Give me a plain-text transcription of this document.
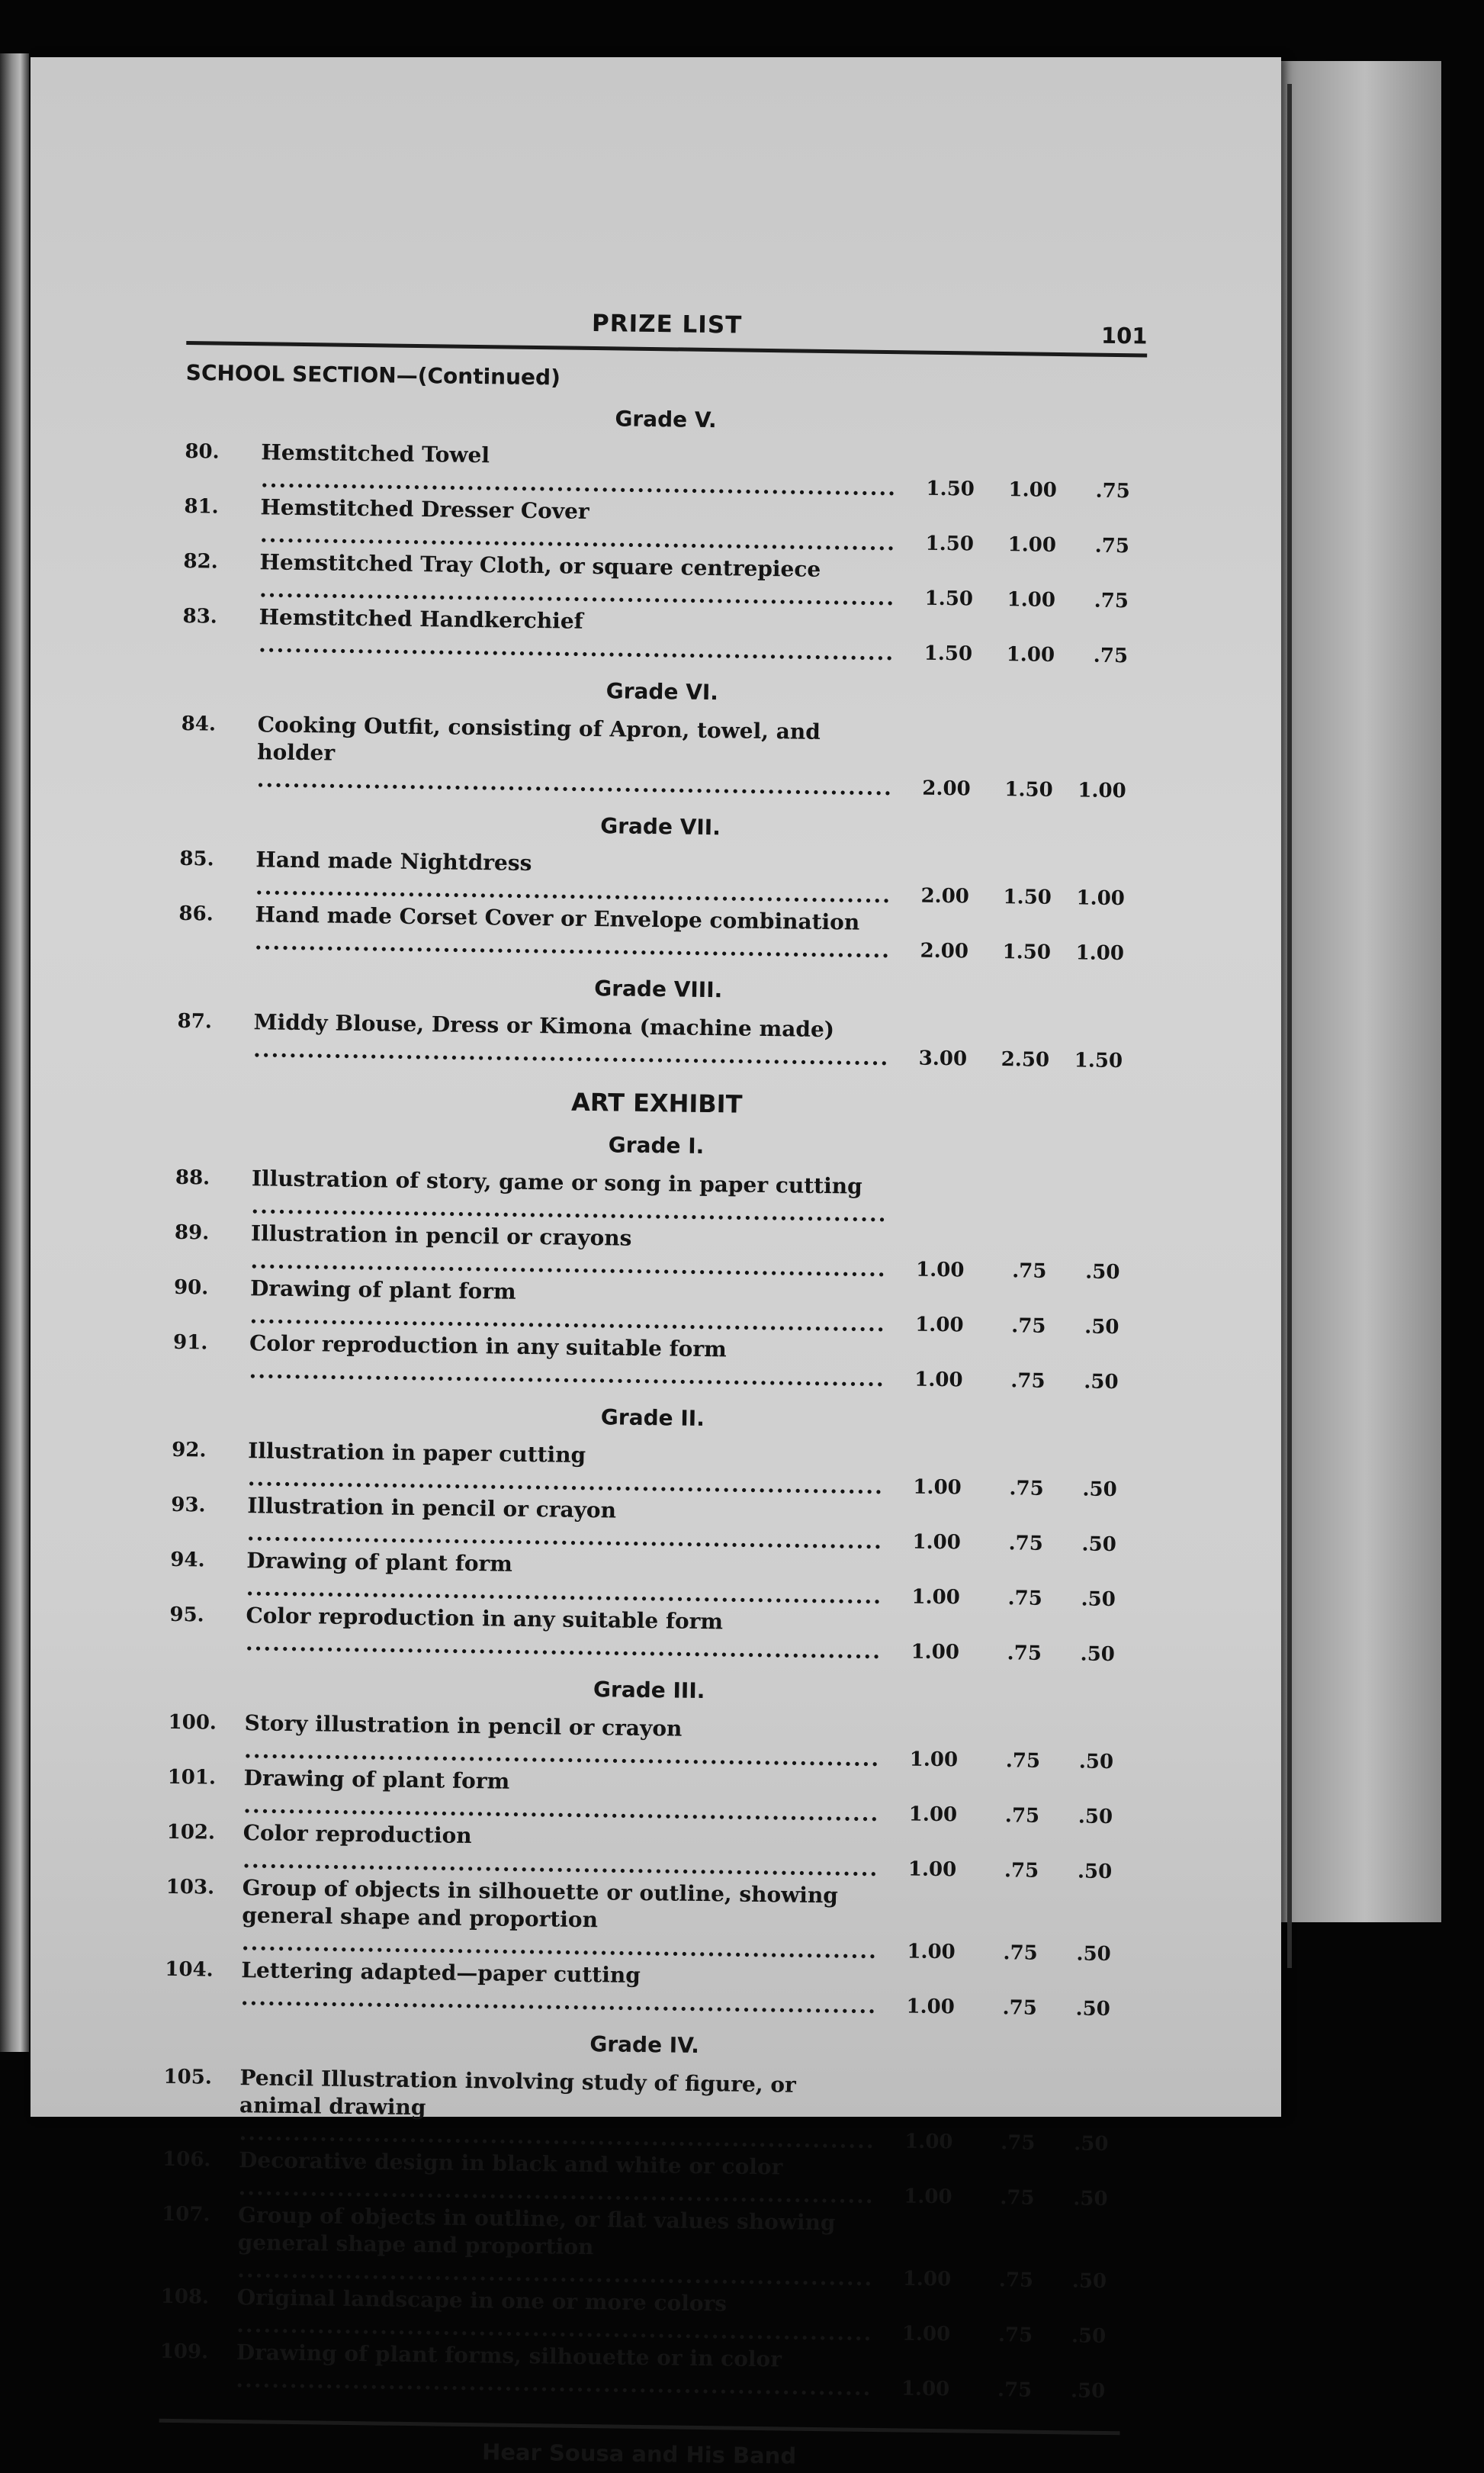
PRIZE LIST	101
SCHOOL SECTION—(Continued)
Grade V.
80.	Hemstitched Towel .....
1.50	1.00	.75
81.	Hemstitched Dresser Cover .....
1.50	1.00	.75
82.	Hemstitched Tray Cloth, or square centrepiece .....
1.50	1.00	.75
83.	Hemstitched Handkerchief .....
1.50	1.00	.75
Grade VI.
84.	Cooking Outfit, consisting of Apron, towel, and holder .....
2.00	1.50	1.00
Grade VII.
85.	Hand made Nightdress .....
2.00	1.50	1.00
86.	Hand made Corset Cover or Envelope combination .....
2.00	1.50	1.00
Grade VIII.
87.	Middy Blouse, Dress or Kimona (machine made) .....
3.00	2.50	1.50
ART EXHIBIT
Grade I.
88.	Illustration of story, game or song in paper cutting .....
89.	Illustration in pencil or crayons .....
1.00	.75	.50
90.	Drawing of plant form .....
1.00	.75	.50
91.	Color reproduction in any suitable form .....
1.00	.75	.50
Grade II.
92.	Illustration in paper cutting .....
1.00	.75	.50
93.	Illustration in pencil or crayon .....
1.00	.75	.50
94.	Drawing of plant form .....
1.00	.75	.50
95.	Color reproduction in any suitable form .....
1.00	.75	.50
Grade III.
100.	Story illustration in pencil or crayon .....
1.00	.75	.50
101.	Drawing of plant form .....
1.00	.75	.50
102.	Color reproduction .....
1.00	.75	.50
103.	Group of objects in silhouette or outline, showing general shape and proportion .....
1.00	.75	.50
104.	Lettering adapted—paper cutting .....
1.00	.75	.50
Grade IV.
105.	Pencil Illustration involving study of figure, or animal drawing .....
1.00	.75	.50
106.	Decorative design in black and white or color .....
1.00	.75	.50
107.	Group of objects in outline, or flat values showing general shape and proportion .....
1.00	.75	.50
108.	Original landscape in one or more colors .....
1.00	.75	.50
109.	Drawing of plant forms, silhouette or in color .....
1.00	.75	.50
Hear Sousa and His Band
